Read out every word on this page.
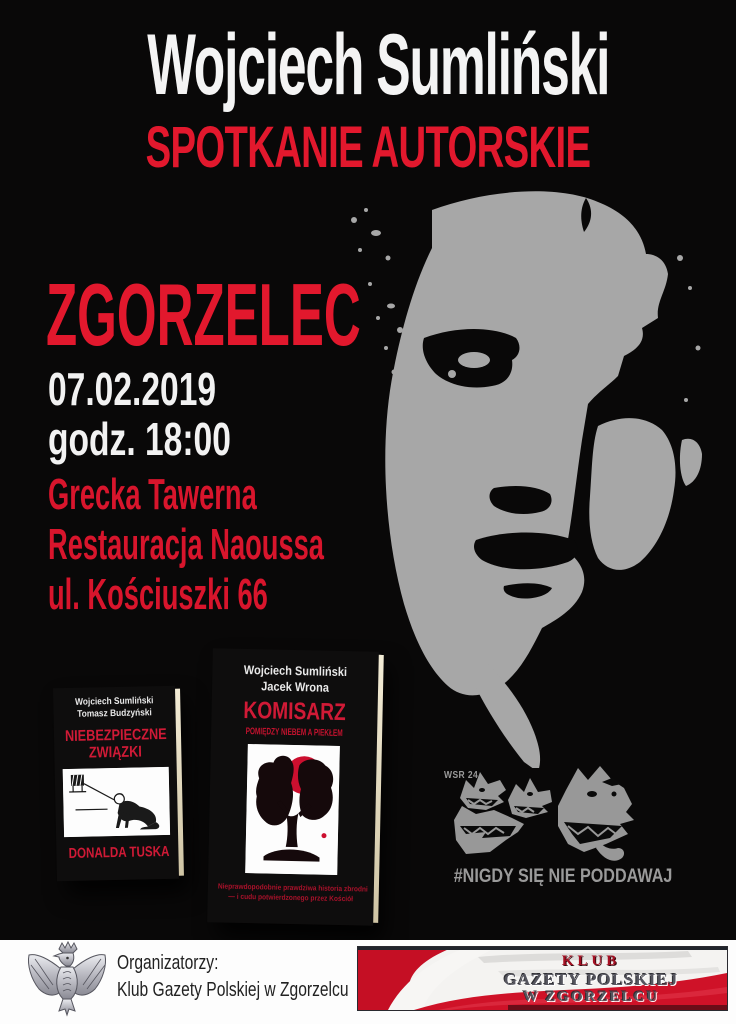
Wojciech Sumliński
SPOTKANIE AUTORSKIE
ZGORZELEC
07.02.2019
godz. 18:00
Grecka Tawerna
Restauracja Naoussa
ul. Kościuszki 66
Wojciech Sumliński
Tomasz Budzyński
NIEBEZPIECZNE
ZWIĄZKI
DONALDA TUSKA
Wojciech Sumliński
Jacek Wrona
KOMISARZ
POMIĘDZY NIEBEM A PIEKŁEM
Nieprawdopodobnie prawdziwa historia zbrodni
— i cudu potwierdzonego przez Kościół
WSR 24
#NIGDY SIĘ NIE PODDAWAJ
Organizatorzy:
Klub Gazety Polskiej w Zgorzelcu
KLUB
GAZETY POLSKIEJ
W ZGORZELCU
